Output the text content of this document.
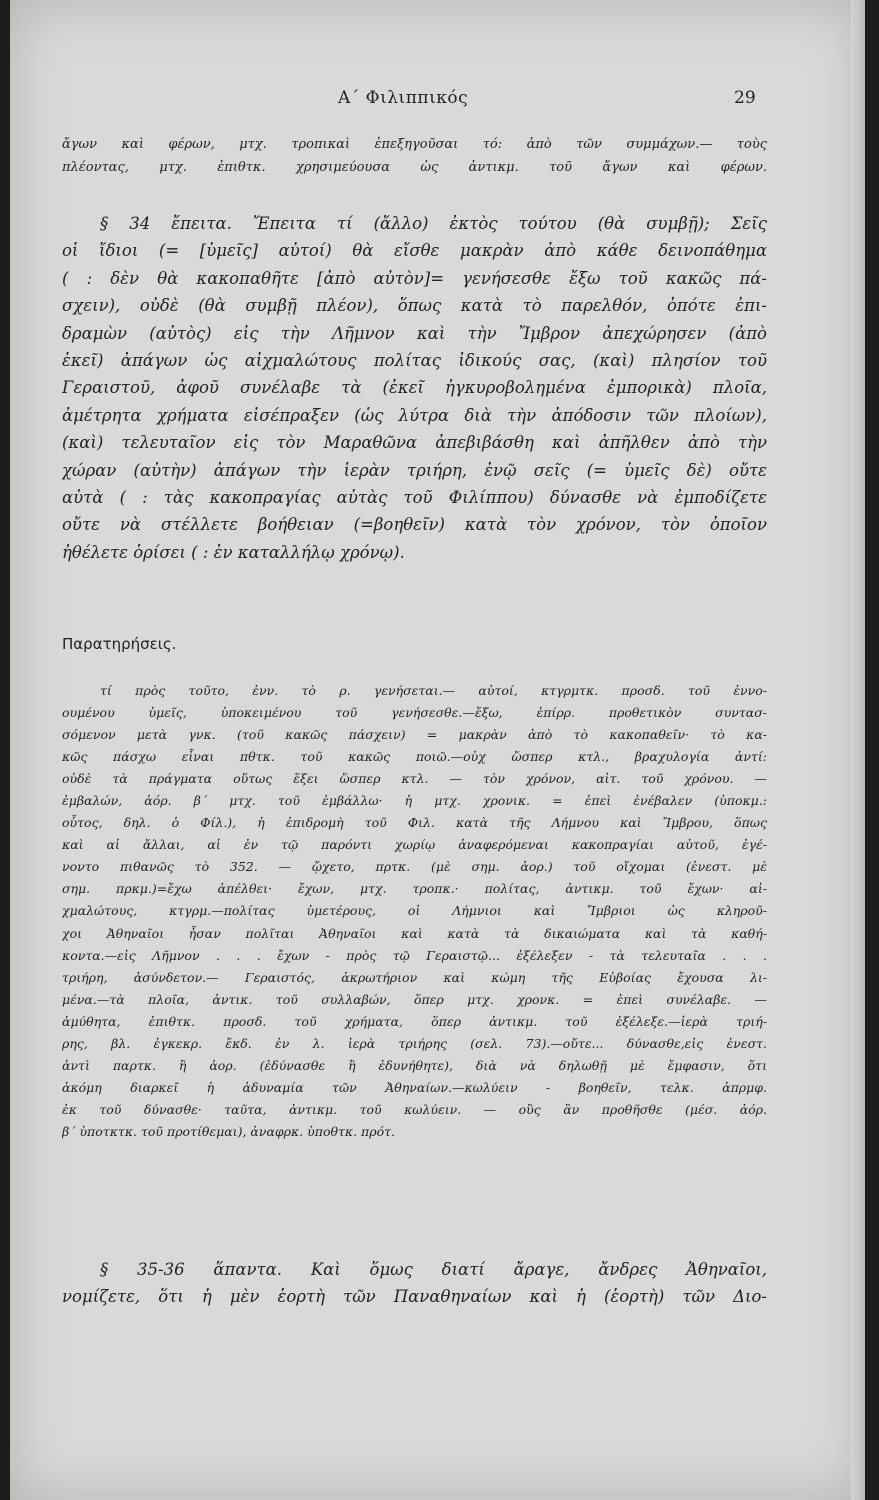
Α΄ Φιλιππικός	29
ἄγων καὶ φέρων, μτχ. τροπικαὶ ἐπεξηγοῦσαι τό: ἀπὸ τῶν συμμάχων.— τοὺς
πλέοντας, μτχ. ἐπιθτκ. χρησιμεύουσα ὡς ἀντικμ. τοῦ ἄγων καὶ φέρων.
§ 34 ἔπειτα. Ἔπειτα τί (ἄλλο) ἐκτὸς τούτου (θὰ συμβῇ); Σεῖς
οἱ ἴδιοι (= [ὑμεῖς] αὐτοί) θὰ εἴσθε μακρὰν ἀπὸ κάθε δεινοπάθημα
( : δὲν θὰ κακοπαθῆτε [ἀπὸ αὐτὸν]= γενήσεσθε ἔξω τοῦ κακῶς πά-
σχειν), οὐδὲ (θὰ συμβῇ πλέον), ὅπως κατὰ τὸ παρελθόν, ὁπότε ἐπι-
δραμὼν (αὐτὸς) εἰς τὴν Λῆμνον καὶ τὴν Ἴμβρον ἀπεχώρησεν (ἀπὸ
ἐκεῖ) ἀπάγων ὡς αἰχμαλώτους πολίτας ἰδικούς σας, (καὶ) πλησίον τοῦ
Γεραιστοῦ, ἀφοῦ συνέλαβε τὰ (ἐκεῖ ἠγκυροβολημένα ἐμπορικὰ) πλοῖα,
ἀμέτρητα χρήματα εἰσέπραξεν (ὡς λύτρα διὰ τὴν ἀπόδοσιν τῶν πλοίων),
(καὶ) τελευταῖον εἰς τὸν Μαραθῶνα ἀπεβιβάσθη καὶ ἀπῆλθεν ἀπὸ τὴν
χώραν (αὐτὴν) ἀπάγων τὴν ἱερὰν τριήρη, ἐνῷ σεῖς (= ὑμεῖς δὲ) οὔτε
αὐτὰ ( : τὰς κακοπραγίας αὐτὰς τοῦ Φιλίππου) δύνασθε νὰ ἐμποδίζετε
οὔτε νὰ στέλλετε βοήθειαν (=βοηθεῖν) κατὰ τὸν χρόνον, τὸν ὁποῖον
ἠθέλετε ὁρίσει ( : ἐν καταλλήλῳ χρόνῳ).
Παρατηρήσεις.
τί πρὸς τοῦτο, ἐνν. τὸ ρ. γενήσεται.— αὐτοί, κτγρμτκ. προσδ. τοῦ ἐννο-
ουμένου ὑμεῖς, ὑποκειμένου τοῦ γενήσεσθε.—ἔξω, ἐπίρρ. προθετικὸν συντασ-
σόμενον μετὰ γνκ. (τοῦ κακῶς πάσχειν) = μακρὰν ἀπὸ τὸ κακοπαθεῖν· τὸ κα-
κῶς πάσχω εἶναι πθτκ. τοῦ κακῶς ποιῶ.—οὐχ ὥσπερ κτλ., βραχυλογία ἀντί:
οὐδὲ τὰ πράγματα οὕτως ἕξει ὥσπερ κτλ. — τὸν χρόνον, αἰτ. τοῦ χρόνου. —
ἐμβαλών, ἀόρ. β΄ μτχ. τοῦ ἐμβάλλω· ἡ μτχ. χρονικ. = ἐπεὶ ἐνέβαλεν (ὑποκμ.:
οὗτος, δηλ. ὁ Φίλ.), ἡ ἐπιδρομὴ τοῦ Φιλ. κατὰ τῆς Λήμνου καὶ Ἴμβρου, ὅπως
καὶ αἱ ἄλλαι, αἱ ἐν τῷ παρόντι χωρίῳ ἀναφερόμεναι κακοπραγίαι αὐτοῦ, ἐγέ-
νοντο πιθανῶς τὸ 352. — ᾤχετο, πρτκ. (μὲ σημ. ἀορ.) τοῦ οἴχομαι (ἐνεστ. μὲ
σημ. πρκμ.)=ἔχω ἀπέλθει· ἔχων, μτχ. τροπκ.· πολίτας, ἀντικμ. τοῦ ἔχων· αἰ-
χμαλώτους, κτγρμ.—πολίτας ὑμετέρους, οἱ Λήμνιοι καὶ Ἴμβριοι ὡς κληροῦ-
χοι Ἀθηναῖοι ἦσαν πολῖται Ἀθηναῖοι καὶ κατὰ τὰ δικαιώματα καὶ τὰ καθή-
κοντα.—εἰς Λῆμνον . . . ἔχων - πρὸς τῷ Γεραιστῷ... ἐξέλεξεν - τὰ τελευταῖα . . .
τριήρη, ἀσύνδετον.— Γεραιστός, ἀκρωτήριον καὶ κώμη τῆς Εὐβοίας ἔχουσα λι-
μένα.—τὰ πλοῖα, ἀντικ. τοῦ συλλαβών, ὅπερ μτχ. χρονκ. = ἐπεὶ συνέλαβε. —
ἀμύθητα, ἐπιθτκ. προσδ. τοῦ χρήματα, ὅπερ ἀντικμ. τοῦ ἐξέλεξε.—ἱερὰ τριή-
ρης, βλ. ἐγκεκρ. ἔκδ. ἐν λ. ἱερὰ τριήρης (σελ. 73).—οὔτε... δύνασθε,εἰς ἐνεστ.
ἀντὶ παρτκ. ἢ ἀορ. (ἐδύνασθε ἢ ἐδυνήθητε), διὰ νὰ δηλωθῇ μὲ ἔμφασιν, ὅτι
ἀκόμη διαρκεῖ ἡ ἀδυναμία τῶν Ἀθηναίων.—κωλύειν - βοηθεῖν, τελκ. ἀπρμφ.
ἐκ τοῦ δύνασθε· ταῦτα, ἀντικμ. τοῦ κωλύειν. — οὓς ἂν προθῆσθε (μέσ. ἀόρ.
β΄ ὑποτκτκ. τοῦ προτίθεμαι), ἀναφρκ. ὑποθτκ. πρότ.
§ 35-36 ἅπαντα. Καὶ ὅμως διατί ἄραγε, ἄνδρες Ἀθηναῖοι,
νομίζετε, ὅτι ἡ μὲν ἑορτὴ τῶν Παναθηναίων καὶ ἡ (ἑορτὴ) τῶν Διο-
